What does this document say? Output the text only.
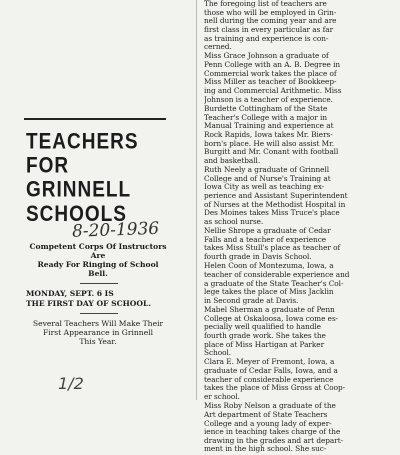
TEACHERS FOR
GRINNELL SCHOOLS
8-20-1936
Competent Corps Of Instructors Are
Ready For Ringing of School
Bell.
MONDAY, SEPT. 6 IS
THE FIRST DAY OF SCHOOL.
Several Teachers Will Make Their
First Appearance in Grinnell
This Year.

The foregoing list of teachers are
those who will be employed in Grin-
nell during the coming year and are
first class in every particular as far
as training and experience is con-
cerned.

Miss Grace Johnson a graduate of
Penn College with an A. B. Degree in
Commercial work takes the place of
Miss Miller as teacher of Bookkeep-
ing and Commercial Arithmetic. Miss
Johnson is a teacher of experience.

Burdette Cottingham of the State
Teacher's College with a major in
Manual Training and experience at
Rock Rapids, Iowa takes Mr. Biers-
born's place. He will also assist Mr.
Burgitt and Mr. Conant with football
and basketball.

Ruth Neely a graduate of Grinnell
College and of Nurse's Training at
Iowa City as well as teaching ex-
perience and Assistant Superintendent
of Nurses at the Methodist Hospital in
Des Moines takes Miss Truce's place
as school nurse.

Nellie Shrope a graduate of Cedar
Falls and a teacher of experience
takes Miss Stull's place as teacher of
fourth grade in Davis School.

Helen Coon of Montezuma, Iowa, a
teacher of considerable experience and
a graduate of the State Teacher's Col-
lege takes the place of Miss Jacklin
in Second grade at Davis.

Mabel Sherman a graduate of Penn
College at Oskaloosa, Iowa come es-
pecially well qualified to handle
fourth grade work. She takes the
place of Miss Hartigan at Parker
School.

Clara E. Meyer of Fremont, Iowa, a
graduate of Cedar Falls, Iowa, and a
teacher of considerable experience
takes the place of Miss Gross at Coop-
er school.

Miss Roby Nelson a graduate of the
Art department of State Teachers
College and a young lady of exper-
ience in teaching takes charge of the
drawing in the grades and art depart-
ment in the high school. She suc-

1/2
